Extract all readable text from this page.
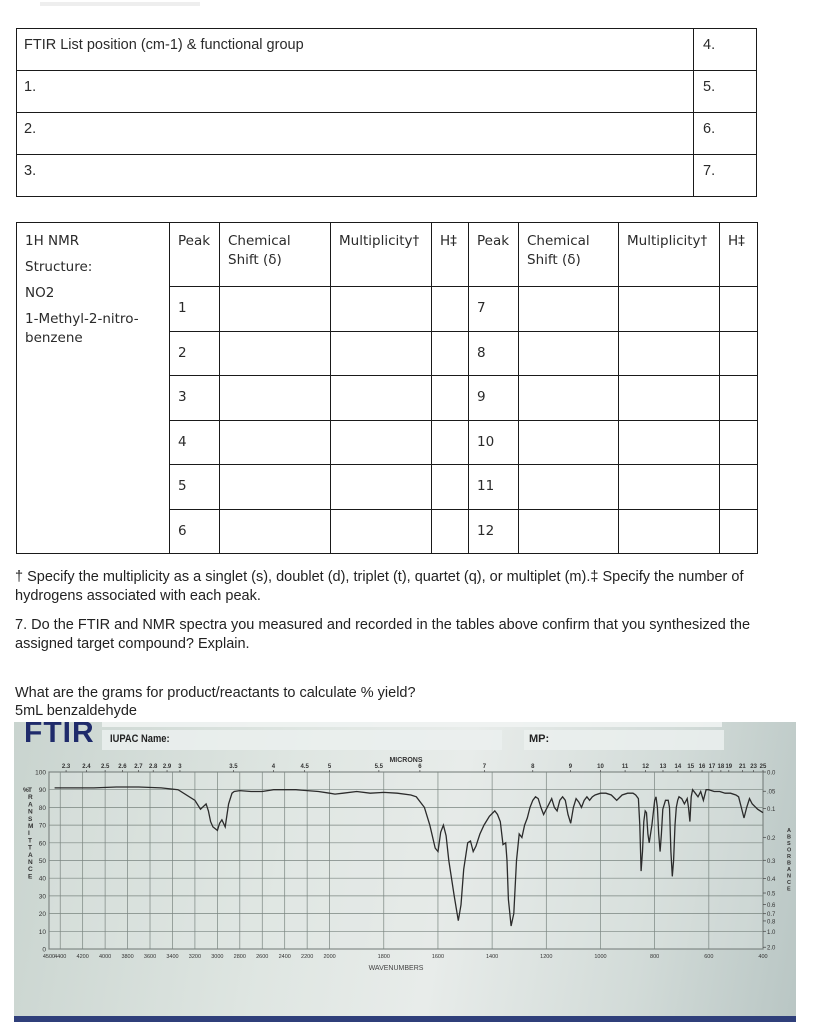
FTIR List position (cm-1) & functional group	4.
1.	5.
2.	6.
3.	7.
1H NMR
Structure:
NO2
1-Methyl-2-nitro-benzene	Peak	Chemical Shift (δ)	Multiplicity†	H‡	Peak	Chemical Shift (δ)	Multiplicity†	H‡
	1				7			
	2				8			
	3				9			
	4				10			
	5				11			
	6				12			
† Specify the multiplicity as a singlet (s), doublet (d), triplet (t), quartet (q), or multiplet (m).‡ Specify the number of hydrogens associated with each peak.
7. Do the FTIR and NMR spectra you measured and recorded in the tables above confirm that you synthesized the assigned target compound? Explain.
What are the grams for product/reactants to calculate % yield?
5mL benzaldehyde
FTIR IUPAC Name:	MP:
0
10
20
30
40
50
60
70
80
90
100
4500
4400 4200 4000 3800 3600 3400 3200 3000 2800 2600 2400 2200 2000	1800	1600	1400	1200	1000	800	600	400
2.3 2.4 2.5 2.6 2.7 2.8 2.9 3	3.5	4	4.5	5	5.5	6	7	8	9	10	11 12 13 14 15 16 17 18 19 21 23 25
0.0
.05
0.1
0.2
0.3
0.4
0.5
0.6
0.7
0.8
1.0
2.0
%T R A N S M I T T A N C E
A B S O R B A N C E
MICRONS
WAVENUMBERS
